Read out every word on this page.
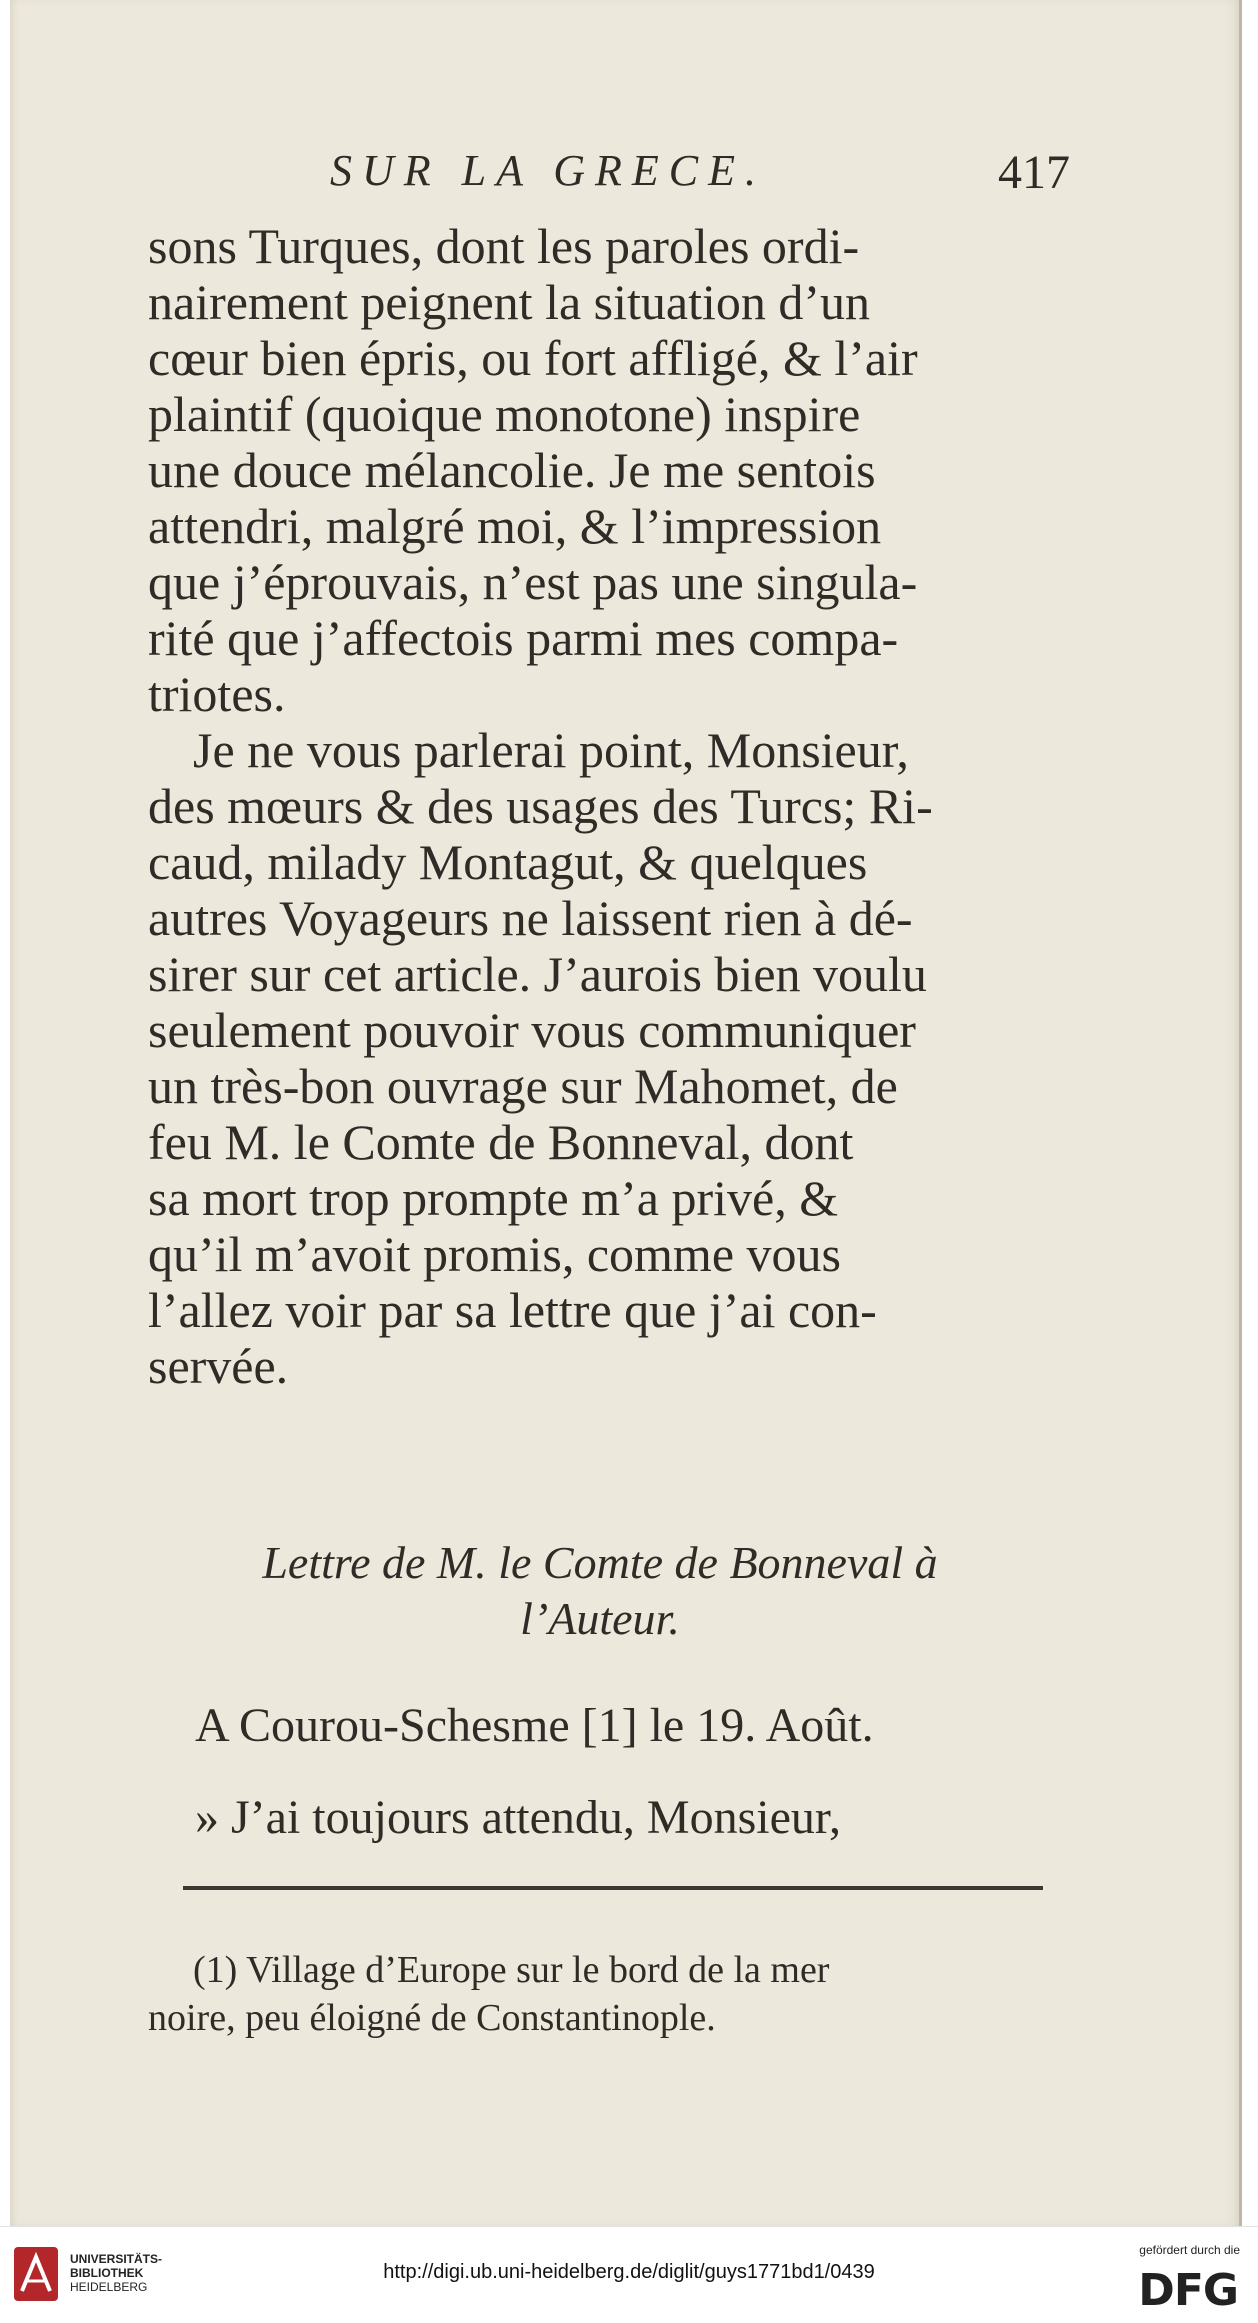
SUR LA GRECE.	417
sons Turques, dont les paroles ordi-
nairement peignent la situation d’un
cœur bien épris, ou fort affligé, & l’air
plaintif (quoique monotone) inspire
une douce mélancolie. Je me sentois
attendri, malgré moi, & l’impression
que j’éprouvais, n’est pas une singula-
rité que j’affectois parmi mes compa-
triotes.
Je ne vous parlerai point, Monsieur,
des mœurs & des usages des Turcs; Ri-
caud, milady Montagut, & quelques
autres Voyageurs ne laissent rien à dé-
sirer sur cet article. J’aurois bien voulu
seulement pouvoir vous communiquer
un très-bon ouvrage sur Mahomet, de
feu M. le Comte de Bonneval, dont
sa mort trop prompte m’a privé, &
qu’il m’avoit promis, comme vous
l’allez voir par sa lettre que j’ai con-
servée.
Lettre de M. le Comte de Bonneval à
l’Auteur.
A Courou-Schesme [1] le 19. Août.
» J’ai toujours attendu, Monsieur,
(1) Village d’Europe sur le bord de la mer
noire, peu éloigné de Constantinople.
UNIVERSITÄTS-
BIBLIOTHEK
HEIDELBERG
http://digi.ub.uni-heidelberg.de/diglit/guys1771bd1/0439
gefördert durch die
DFG
